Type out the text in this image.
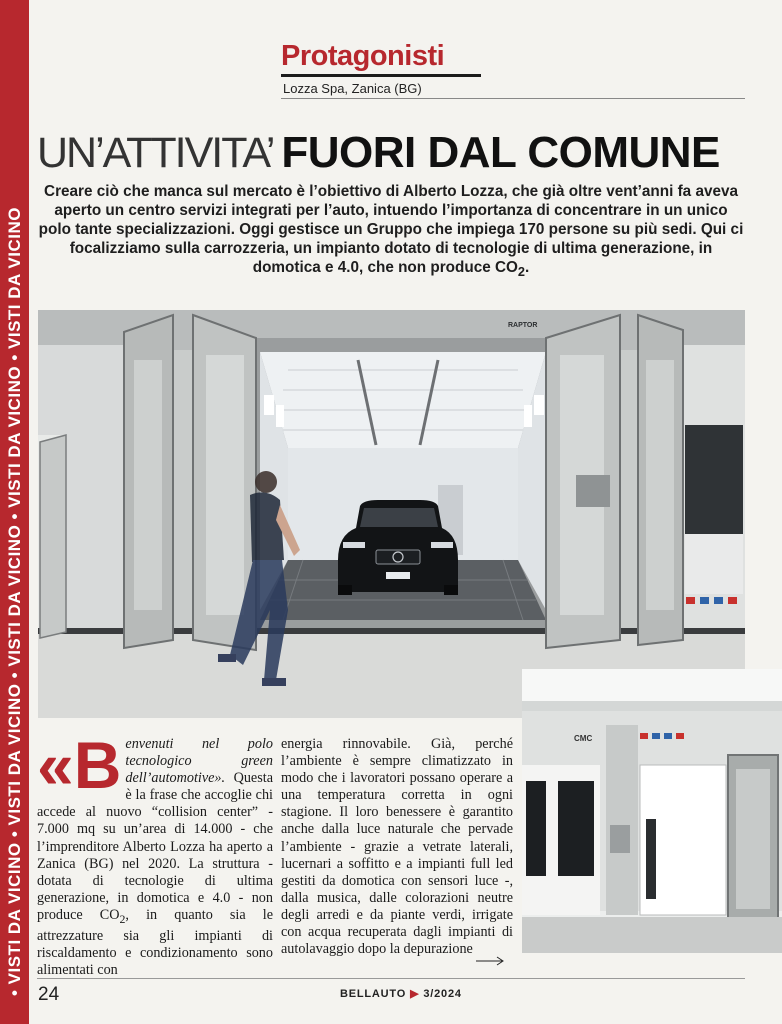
• VISTI DA VICINO • VISTI DA VICINO • VISTI DA VICINO • VISTI DA VICINO • VISTI DA VICINO
Protagonisti
Lozza Spa, Zanica (BG)
UN’ATTIVITA’ FUORI DAL COMUNE
Creare ciò che manca sul mercato è l’obiettivo di Alberto Lozza, che già oltre vent’anni fa aveva aperto un centro servizi integrati per l’auto, intuendo l’importanza di concentrare in un unico polo tante specializzazioni. Oggi gestisce un Gruppo che impiega 170 persone su più sedi. Qui ci focalizziamo sulla carrozzeria, un impianto dotato di tecnologie di ultima generazione, in domotica e 4.0, che non produce $CO_2$.
RAPTOR
CMC

«B envenuti nel polo tecnologico green dell’automotive». Questa è la frase che accoglie chi accede al nuovo “collision center” - 7.000 mq su un’area di 14.000 - che l’imprenditore Alberto Lozza ha aperto a Zanica (BG) nel 2020. La struttura - dotata di tecnologie di ultima generazione, in domotica e 4.0 - non produce $CO_2$, in quanto sia le attrezzature sia gli impianti di riscaldamento e condizionamento sono alimentati con

energia rinnovabile. Già, perché l’ambiente è sempre climatizzato in modo che i lavoratori possano operare a una temperatura corretta in ogni stagione. Il loro benessere è garantito anche dalla luce naturale che pervade l’ambiente - grazie a vetrate laterali, lucernari a soffitto e a impianti full led gestiti da domotica con sensori luce -, dalla musica, dalle colorazioni neutre degli arredi e da piante verdi, irrigate con acqua recuperata dagli impianti di autolavaggio dopo la depurazione

24	BELLAUTO ▶ 3/2024
